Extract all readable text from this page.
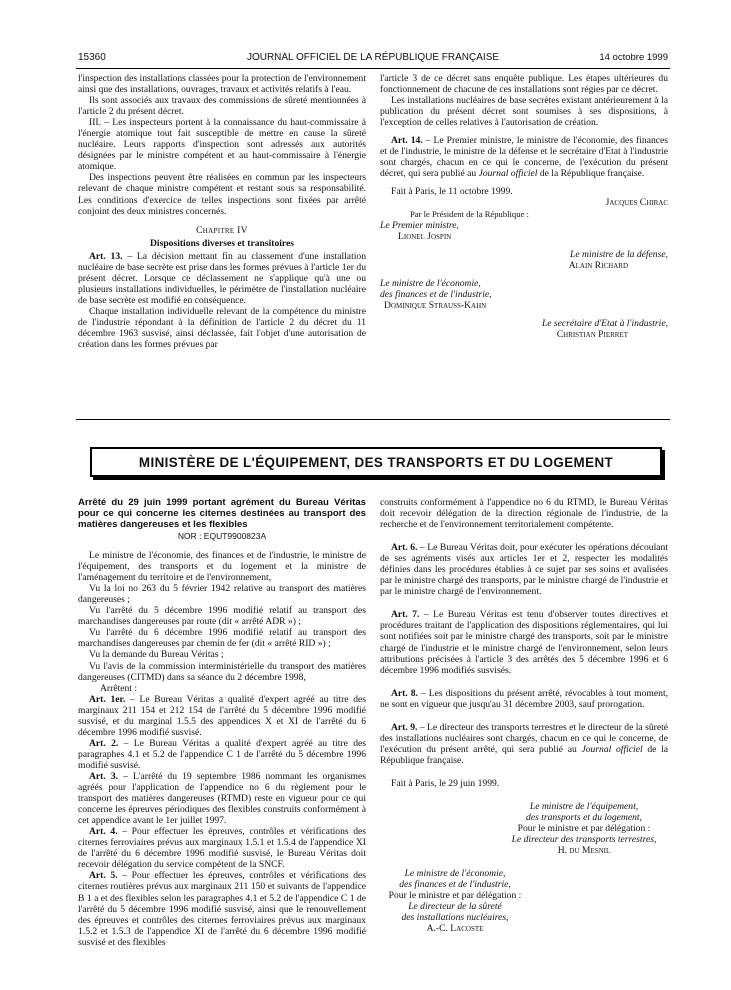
15360	JOURNAL OFFICIEL DE LA RÉPUBLIQUE FRANÇAISE	14 octobre 1999

l'inspection des installations classées pour la protection de l'environnement ainsi que des installations, ouvrages, travaux et activités relatifs à l'eau.

Ils sont associés aux travaux des commissions de sûreté mentionnées à l'article 2 du présent décret.

III. – Les inspecteurs portent à la connaissance du haut-commissaire à l'énergie atomique tout fait susceptible de mettre en cause la sûreté nucléaire. Leurs rapports d'inspection sont adressés aux autorités désignées par le ministre compétent et au haut-commissaire à l'énergie atomique.

Des inspections peuvent être réalisées en commun par les inspecteurs relevant de chaque ministre compétent et restant sous sa responsabilité. Les conditions d'exercice de telles inspections sont fixées par arrêté conjoint des deux ministres concernés.

Chapitre IV

Dispositions diverses et transitoires

Art. 13. – La décision mettant fin au classement d'une installation nucléaire de base secrète est prise dans les formes prévues à l'article 1er du présent décret. Lorsque ce déclassement ne s'applique qu'à une ou plusieurs installations individuelles, le périmètre de l'installation nucléaire de base secrète est modifié en conséquence.

Chaque installation individuelle relevant de la compétence du ministre de l'industrie répondant à la définition de l'article 2 du décret du 11 décembre 1963 susvisé, ainsi déclassée, fait l'objet d'une autorisation de création dans les formes prévues par

l'article 3 de ce décret sans enquête publique. Les étapes ultérieures du fonctionnement de chacune de ces installations sont régies par ce décret.

Les installations nucléaires de base secrètes existant antérieurement à la publication du présent décret sont soumises à ses dispositions, à l'exception de celles relatives à l'autorisation de création.

Art. 14. – Le Premier ministre, le ministre de l'économie, des finances et de l'industrie, le ministre de la défense et le secrétaire d'Etat à l'industrie sont chargés, chacun en ce qui le concerne, de l'exécution du présent décret, qui sera publié au Journal officiel de la République française.

Fait à Paris, le 11 octobre 1999.

Jacques Chirac

Par le Président de la République :

Le Premier ministre,

Lionel Jospin

Le ministre de la défense,

Alain Richard

Le ministre de l'économie,

des finances et de l'industrie,

Dominique Strauss-Kahn

Le secrétaire d'Etat à l'industrie,

Christian Pierret

MINISTÈRE DE L'ÉQUIPEMENT, DES TRANSPORTS ET DU LOGEMENT

Arrêté du 29 juin 1999 portant agrément du Bureau Véritas pour ce qui concerne les citernes destinées au transport des matières dangereuses et les flexibles

NOR : EQUT9900823A

Le ministre de l'économie, des finances et de l'industrie, le ministre de l'équipement, des transports et du logement et la ministre de l'aménagement du territoire et de l'environnement,

Vu la loi no 263 du 5 février 1942 relative au transport des matières dangereuses ;

Vu l'arrêté du 5 décembre 1996 modifié relatif au transport des marchandises dangereuses par route (dit « arrêté ADR ») ;

Vu l'arrêté du 6 décembre 1996 modifié relatif au transport des marchandises dangereuses par chemin de fer (dit « arrêté RID ») ;

Vu la demande du Bureau Véritas ;

Vu l'avis de la commission interministérielle du transport des matières dangereuses (CITMD) dans sa séance du 2 décembre 1998,

Arrêtent :

Art. 1er. – Le Bureau Véritas a qualité d'expert agréé au titre des marginaux 211 154 et 212 154 de l'arrêté du 5 décembre 1996 modifié susvisé, et du marginal 1.5.5 des appendices X et XI de l'arrêté du 6 décembre 1996 modifié susvisé.

Art. 2. – Le Bureau Véritas a qualité d'expert agréé au titre des paragraphes 4.1 et 5.2 de l'appendice C 1 de l'arrêté du 5 décembre 1996 modifié susvisé.

Art. 3. – L'arrêté du 19 septembre 1986 nommant les organismes agréés pour l'application de l'appendice no 6 du règlement pour le transport des matières dangereuses (RTMD) reste en vigueur pour ce qui concerne les épreuves périodiques des flexibles construits conformément à cet appendice avant le 1er juillet 1997.

Art. 4. – Pour effectuer les épreuves, contrôles et vérifications des citernes ferroviaires prévus aux marginaux 1.5.1 et 1.5.4 de l'appendice XI de l'arrêté du 6 décembre 1996 modifié susvisé, le Bureau Véritas doit recevoir délégation du service compétent de la SNCF.

Art. 5. – Pour effectuer les épreuves, contrôles et vérifications des citernes routières prévus aux marginaux 211 150 et suivants de l'appendice B 1 a et des flexibles selon les paragraphes 4.1 et 5.2 de l'appendice C 1 de l'arrêté du 5 décembre 1996 modifié susvisé, ainsi que le renouvellement des épreuves et contrôles des citernes ferroviaires prévus aux marginaux 1.5.2 et 1.5.3 de l'appendice XI de l'arrêté du 6 décembre 1996 modifié susvisé et des flexibles

construits conformément à l'appendice no 6 du RTMD, le Bureau Véritas doit recevoir délégation de la direction régionale de l'industrie, de la recherche et de l'environnement territorialement compétente.

Art. 6. – Le Bureau Véritas doit, pour exécuter les opérations découlant de ses agréments visés aux articles 1er et 2, respecter les modalités définies dans les procédures établies à ce sujet par ses soins et avalisées par le ministre chargé des transports, par le ministre chargé de l'industrie et par le ministre chargé de l'environnement.

Art. 7. – Le Bureau Véritas est tenu d'observer toutes directives et procédures traitant de l'application des dispositions réglementaires, qui lui sont notifiées soit par le ministre chargé des transports, soit par le ministre chargé de l'industrie et le ministre chargé de l'environnement, selon leurs attributions précisées à l'article 3 des arrêtés des 5 décembre 1996 et 6 décembre 1996 modifiés susvisés.

Art. 8. – Les dispositions du présent arrêté, révocables à tout moment, ne sont en vigueur que jusqu'au 31 décembre 2003, sauf prorogation.

Art. 9. – Le directeur des transports terrestres et le directeur de la sûreté des installations nucléaires sont chargés, chacun en ce qui le concerne, de l'exécution du présent arrêté, qui sera publié au Journal officiel de la République française.

Fait à Paris, le 29 juin 1999.

Le ministre de l'équipement,
des transports et du logement,
Pour le ministre et par délégation :
Le directeur des transports terrestres,
H. du Mesnil
Le ministre de l'économie,
des finances et de l'industrie,
Pour le ministre et par délégation :
Le directeur de la sûreté
des installations nucléaires,
A.-C. Lacoste
